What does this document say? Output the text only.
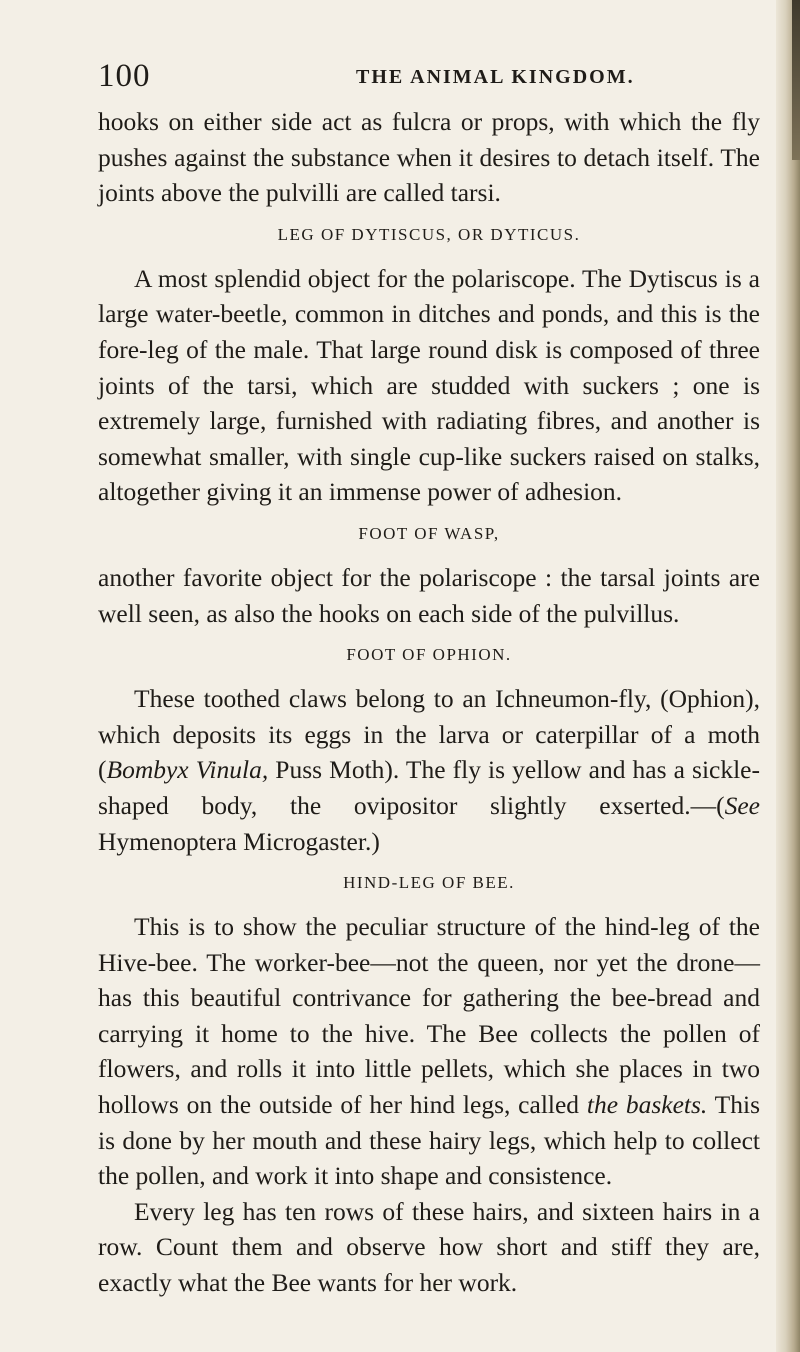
100	THE ANIMAL KINGDOM.

hooks on either side act as fulcra or props, with which the fly pushes against the substance when it desires to detach itself. The joints above the pulvilli are called tarsi.

LEG OF DYTISCUS, OR DYTICUS.

A most splendid object for the polariscope. The Dytiscus is a large water-beetle, common in ditches and ponds, and this is the fore-leg of the male. That large round disk is composed of three joints of the tarsi, which are studded with suckers ; one is extremely large, furnished with radiating fibres, and another is somewhat smaller, with single cup-like suckers raised on stalks, altogether giving it an immense power of adhesion.

FOOT OF WASP,

another favorite object for the polariscope : the tarsal joints are well seen, as also the hooks on each side of the pulvillus.

FOOT OF OPHION.

These toothed claws belong to an Ichneumon-fly, (Ophion), which deposits its eggs in the larva or caterpillar of a moth (Bombyx Vinula, Puss Moth). The fly is yellow and has a sickle-shaped body, the ovipositor slightly exserted.—(See Hymenoptera Microgaster.)

HIND-LEG OF BEE.

This is to show the peculiar structure of the hind-leg of the Hive-bee. The worker-bee—not the queen, nor yet the drone—has this beautiful contrivance for gathering the bee-bread and carrying it home to the hive. The Bee collects the pollen of flowers, and rolls it into little pellets, which she places in two hollows on the outside of her hind legs, called the baskets. This is done by her mouth and these hairy legs, which help to collect the pollen, and work it into shape and consistence.

Every leg has ten rows of these hairs, and sixteen hairs in a row. Count them and observe how short and stiff they are, exactly what the Bee wants for her work.
